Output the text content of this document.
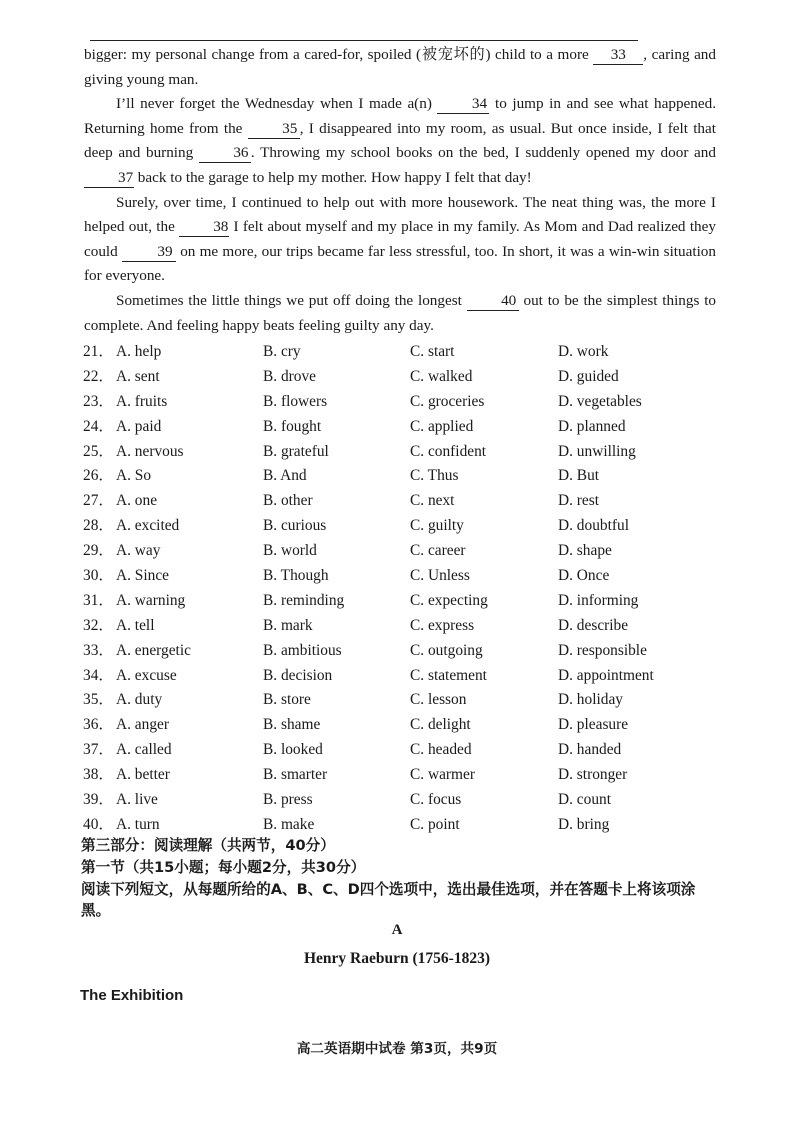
bigger: my personal change from a cared-for, spoiled (被宠坏的) child to a more 33 , caring and giving young man.

I’ll never forget the Wednesday when I made a(n) 34 to jump in and see what happened. Returning home from the 35 , I disappeared into my room, as usual. But once inside, I felt that deep and burning 36 . Throwing my school books on the bed, I suddenly opened my door and 37 back to the garage to help my mother. How happy I felt that day!

Surely, over time, I continued to help out with more housework. The neat thing was, the more I helped out, the 38 I felt about myself and my place in my family. As Mom and Dad realized they could 39 on me more, our trips became far less stressful, too. In short, it was a win-win situation for everyone.

Sometimes the little things we put off doing the longest 40 out to be the simplest things to complete. And feeling happy beats feeling guilty any day.

21． A. help	B. cry	C. start	D. work
22． A. sent	B. drove	C. walked	D. guided
23． A. fruits	B. flowers	C. groceries	D. vegetables
24． A. paid	B. fought	C. applied	D. planned
25． A. nervous	B. grateful	C. confident	D. unwilling
26． A. So	B. And	C. Thus	D. But
27． A. one	B. other	C. next	D. rest
28． A. excited	B. curious	C. guilty	D. doubtful
29． A. way	B. world	C. career	D. shape
30． A. Since	B. Though	C. Unless	D. Once
31． A. warning	B. reminding	C. expecting	D. informing
32． A. tell	B. mark	C. express	D. describe
33． A. energetic	B. ambitious	C. outgoing	D. responsible
34． A. excuse	B. decision	C. statement	D. appointment
35． A. duty	B. store	C. lesson	D. holiday
36． A. anger	B. shame	C. delight	D. pleasure
37． A. called	B. looked	C. headed	D. handed
38． A. better	B. smarter	C. warmer	D. stronger
39． A. live	B. press	C. focus	D. count
40． A. turn	B. make	C. point	D. bring
第三部分：阅读理解（共两节，40分）
第一节（共15小题；每小题2分，共30分）
阅读下列短文，从每题所给的A、B、C、D四个选项中，选出最佳选项，并在答题卡上将该项涂黑。
A
Henry Raeburn (1756-1823)
The Exhibition
高二英语期中试卷 第3页，共9页
